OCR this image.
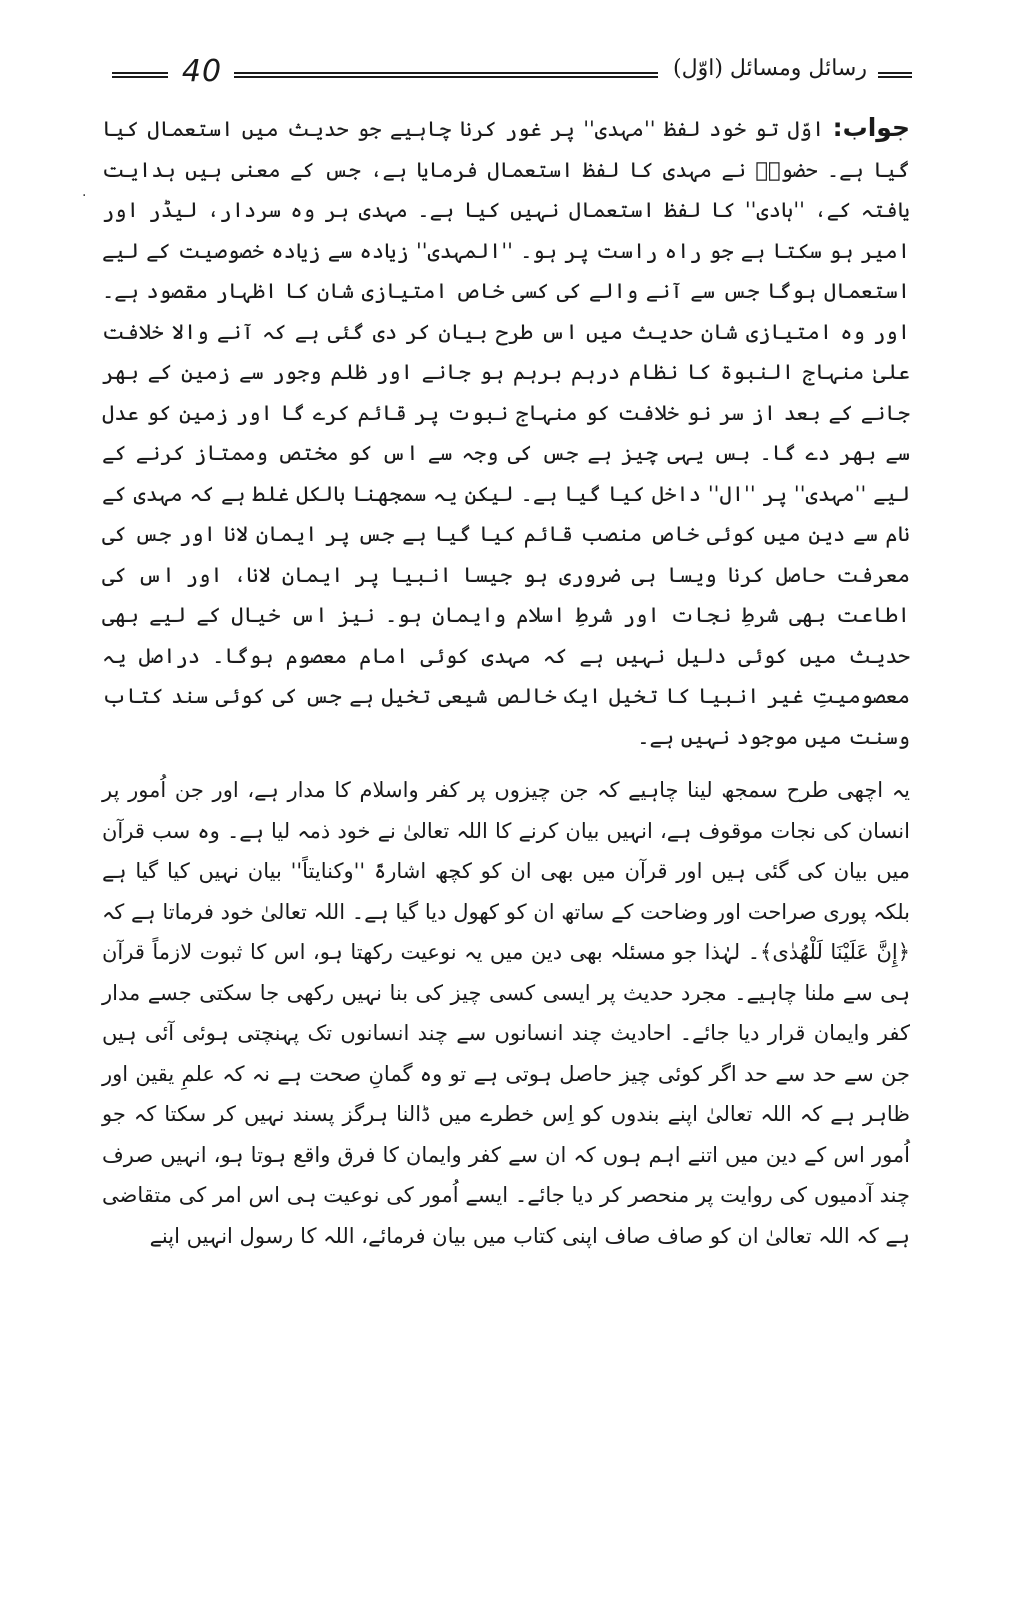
40	رسائل ومسائل (اوّل)
·

جواب: اوّل تو خود لفظ ''مہدی'' پر غور کرنا چاہیے جو حدیث میں استعمال کیا گیا ہے۔ حضورؐ نے مہدی کا لفظ استعمال فرمایا ہے، جس کے معنی ہیں ہدایت یافتہ کے، ''ہادی'' کا لفظ استعمال نہیں کیا ہے۔ مہدی ہر وہ سردار، لیڈر اور امیر ہو سکتا ہے جو راہ راست پر ہو۔ ''المہدی'' زیادہ سے زیادہ خصوصیت کے لیے استعمال ہوگا جس سے آنے والے کی کسی خاص امتیازی شان کا اظہار مقصود ہے۔ اور وہ امتیازی شان حدیث میں اس طرح بیان کر دی گئی ہے کہ آنے والا خلافت علیٰ منہاج النبوۃ کا نظام درہم برہم ہو جانے اور ظلم وجور سے زمین کے بھر جانے کے بعد از سر نو خلافت کو منہاج نبوت پر قائم کرے گا اور زمین کو عدل سے بھر دے گا۔ بس یہی چیز ہے جس کی وجہ سے اس کو مختص وممتاز کرنے کے لیے ''مہدی'' پر ''ال'' داخل کیا گیا ہے۔ لیکن یہ سمجھنا بالکل غلط ہے کہ مہدی کے نام سے دین میں کوئی خاص منصب قائم کیا گیا ہے جس پر ایمان لانا اور جس کی معرفت حاصل کرنا ویسا ہی ضروری ہو جیسا انبیا پر ایمان لانا، اور اس کی اطاعت بھی شرطِ نجات اور شرطِ اسلام وایمان ہو۔ نیز اس خیال کے لیے بھی حدیث میں کوئی دلیل نہیں ہے کہ مہدی کوئی امام معصوم ہوگا۔ دراصل یہ معصومیتِ غیر انبیا کا تخیل ایک خالص شیعی تخیل ہے جس کی کوئی سند کتاب وسنت میں موجود نہیں ہے۔

یہ اچھی طرح سمجھ لینا چاہیے کہ جن چیزوں پر کفر واسلام کا مدار ہے، اور جن اُمور پر انسان کی نجات موقوف ہے، انہیں بیان کرنے کا اللہ تعالیٰ نے خود ذمہ لیا ہے۔ وہ سب قرآن میں بیان کی گئی ہیں اور قرآن میں بھی ان کو کچھ اشارۃً ''وکنایتاً'' بیان نہیں کیا گیا ہے بلکہ پوری صراحت اور وضاحت کے ساتھ ان کو کھول دیا گیا ہے۔ اللہ تعالیٰ خود فرماتا ہے کہ ﴿إِنَّ عَلَيْنَا لَلْهُدٰى﴾۔ لہٰذا جو مسئلہ بھی دین میں یہ نوعیت رکھتا ہو، اس کا ثبوت لازماً قرآن ہی سے ملنا چاہیے۔ مجرد حدیث پر ایسی کسی چیز کی بنا نہیں رکھی جا سکتی جسے مدار کفر وایمان قرار دیا جائے۔ احادیث چند انسانوں سے چند انسانوں تک پہنچتی ہوئی آئی ہیں جن سے حد سے حد اگر کوئی چیز حاصل ہوتی ہے تو وہ گمانِ صحت ہے نہ کہ علمِ یقین اور ظاہر ہے کہ اللہ تعالیٰ اپنے بندوں کو اِس خطرے میں ڈالنا ہرگز پسند نہیں کر سکتا کہ جو اُمور اس کے دین میں اتنے اہم ہوں کہ ان سے کفر وایمان کا فرق واقع ہوتا ہو، انہیں صرف چند آدمیوں کی روایت پر منحصر کر دیا جائے۔ ایسے اُمور کی نوعیت ہی اس امر کی متقاضی ہے کہ اللہ تعالیٰ ان کو صاف صاف اپنی کتاب میں بیان فرمائے، اللہ کا رسول انہیں اپنے
